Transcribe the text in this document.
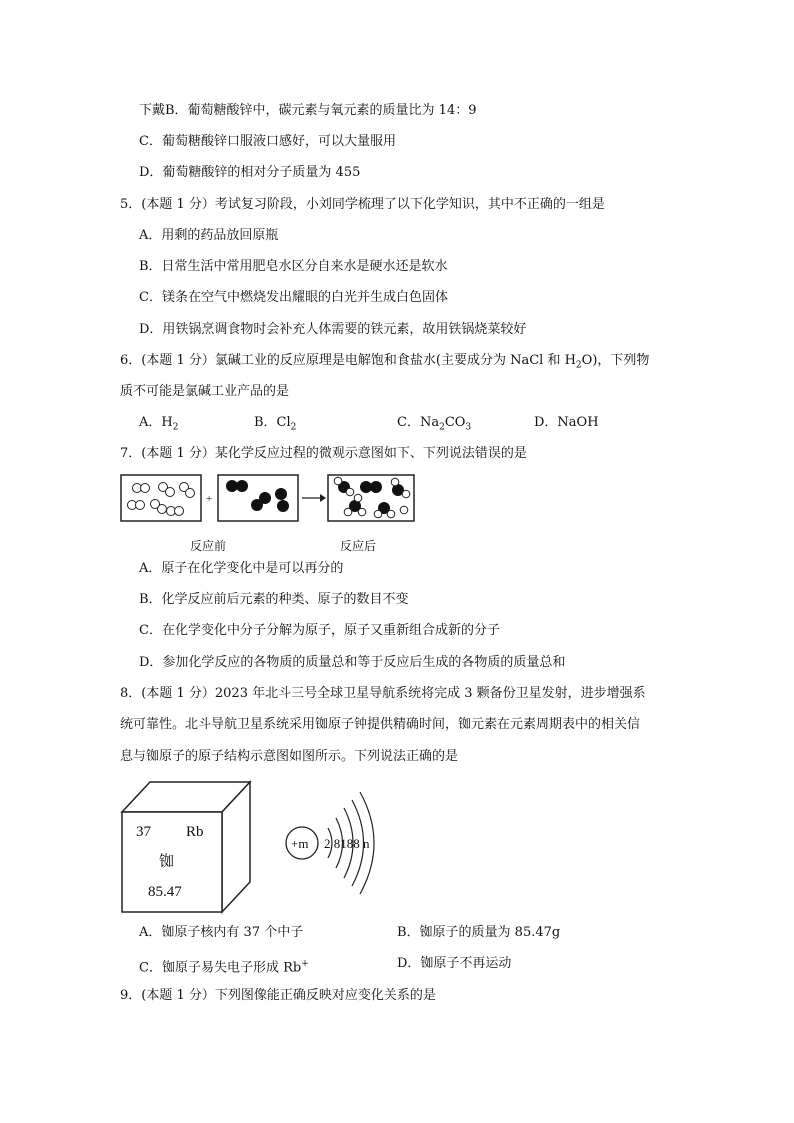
下戴B．葡萄糖酸锌中，碳元素与氧元素的质量比为 14：9
C．葡萄糖酸锌口服液口感好，可以大量服用
D．葡萄糖酸锌的相对分子质量为 455
5．(本题 1 分）考试复习阶段，小刘同学梳理了以下化学知识，其中不正确的一组是
A．用剩的药品放回原瓶
B．日常生活中常用肥皂水区分自来水是硬水还是软水
C．镁条在空气中燃烧发出耀眼的白光并生成白色固体
D．用铁锅烹调食物时会补充人体需要的铁元素，故用铁锅烧菜较好
6．(本题 1 分）氯碱工业的反应原理是电解饱和食盐水(主要成分为 NaCl 和 $H_2O$)，下列物
质不可能是氯碱工业产品的是
A．$H_2$	B．$Cl_2$	C．$Na_2CO_3$	D．NaOH
7．(本题 1 分）某化学反应过程的微观示意图如下、下列说法错误的是
+
反应前	反应后
A．原子在化学变化中是可以再分的
B．化学反应前后元素的种类、原子的数目不变
C．在化学变化中分子分解为原子，原子又重新组合成新的分子
D．参加化学反应的各物质的质量总和等于反应后生成的各物质的质量总和
8．(本题 1 分）2023 年北斗三号全球卫星导航系统将完成 3 颗备份卫星发射，进步增强系
统可靠性。北斗导航卫星系统采用铷原子钟提供精确时间，铷元素在元素周期表中的相关信
息与铷原子的原子结构示意图如图所示。下列说法正确的是
37 Rb
铷
85.47
+m 2 8188 n
A．铷原子核内有 37 个中子	B．铷原子的质量为 85.47g
C．铷原子易失电子形成 Rb+	D．铷原子不再运动
9．(本题 1 分）下列图像能正确反映对应变化关系的是
